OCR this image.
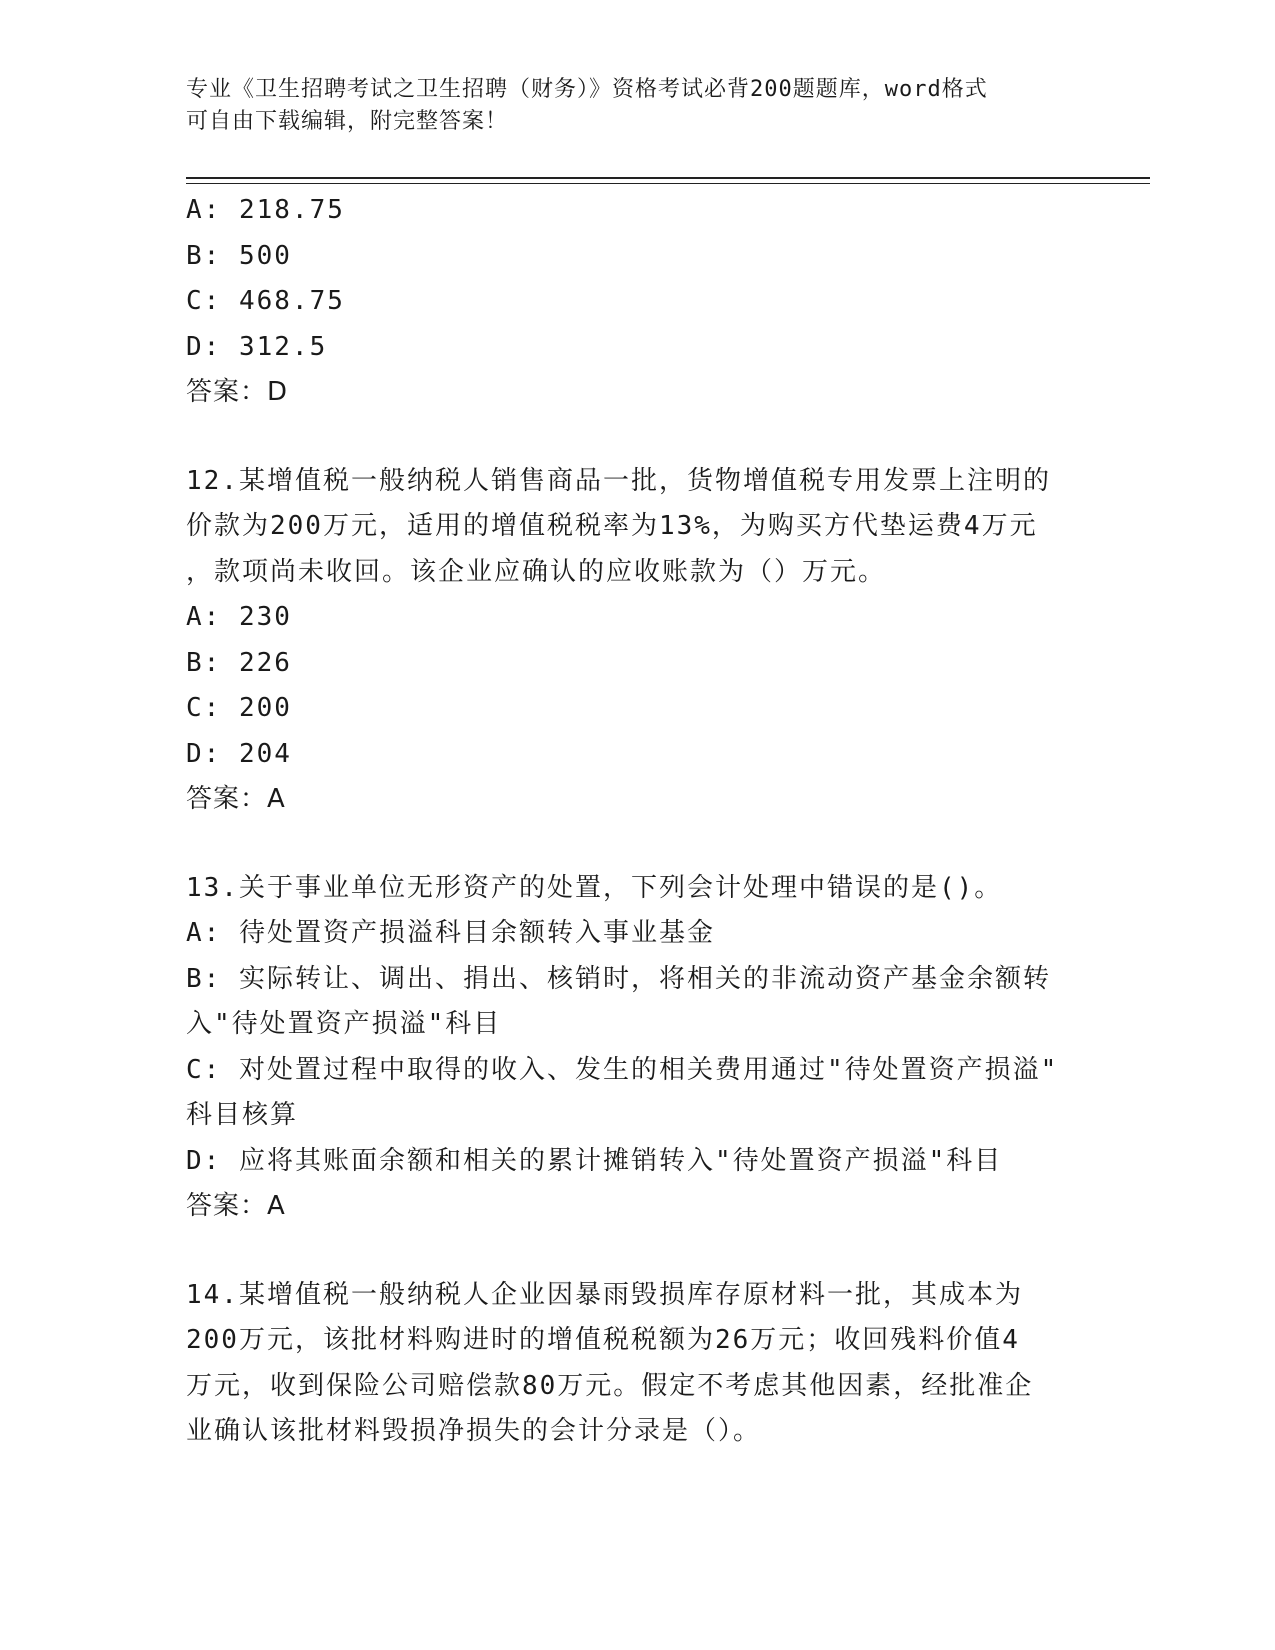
专业《卫生招聘考试之卫生招聘（财务）》资格考试必背200题题库，word格式
可自由下载编辑，附完整答案！
A: 218.75
B: 500
C: 468.75
D: 312.5
答案：D
12.某增值税一般纳税人销售商品一批，货物增值税专用发票上注明的
价款为200万元，适用的增值税税率为13%，为购买方代垫运费4万元
，款项尚未收回。该企业应确认的应收账款为（）万元。
A: 230
B: 226
C: 200
D: 204
答案：A
13.关于事业单位无形资产的处置，下列会计处理中错误的是()。
A: 待处置资产损溢科目余额转入事业基金
B: 实际转让、调出、捐出、核销时，将相关的非流动资产基金余额转
入"待处置资产损溢"科目
C: 对处置过程中取得的收入、发生的相关费用通过"待处置资产损溢"
科目核算
D: 应将其账面余额和相关的累计摊销转入"待处置资产损溢"科目
答案：A
14.某增值税一般纳税人企业因暴雨毁损库存原材料一批，其成本为
200万元，该批材料购进时的增值税税额为26万元；收回残料价值4
万元，收到保险公司赔偿款80万元。假定不考虑其他因素，经批准企
业确认该批材料毁损净损失的会计分录是（）。
